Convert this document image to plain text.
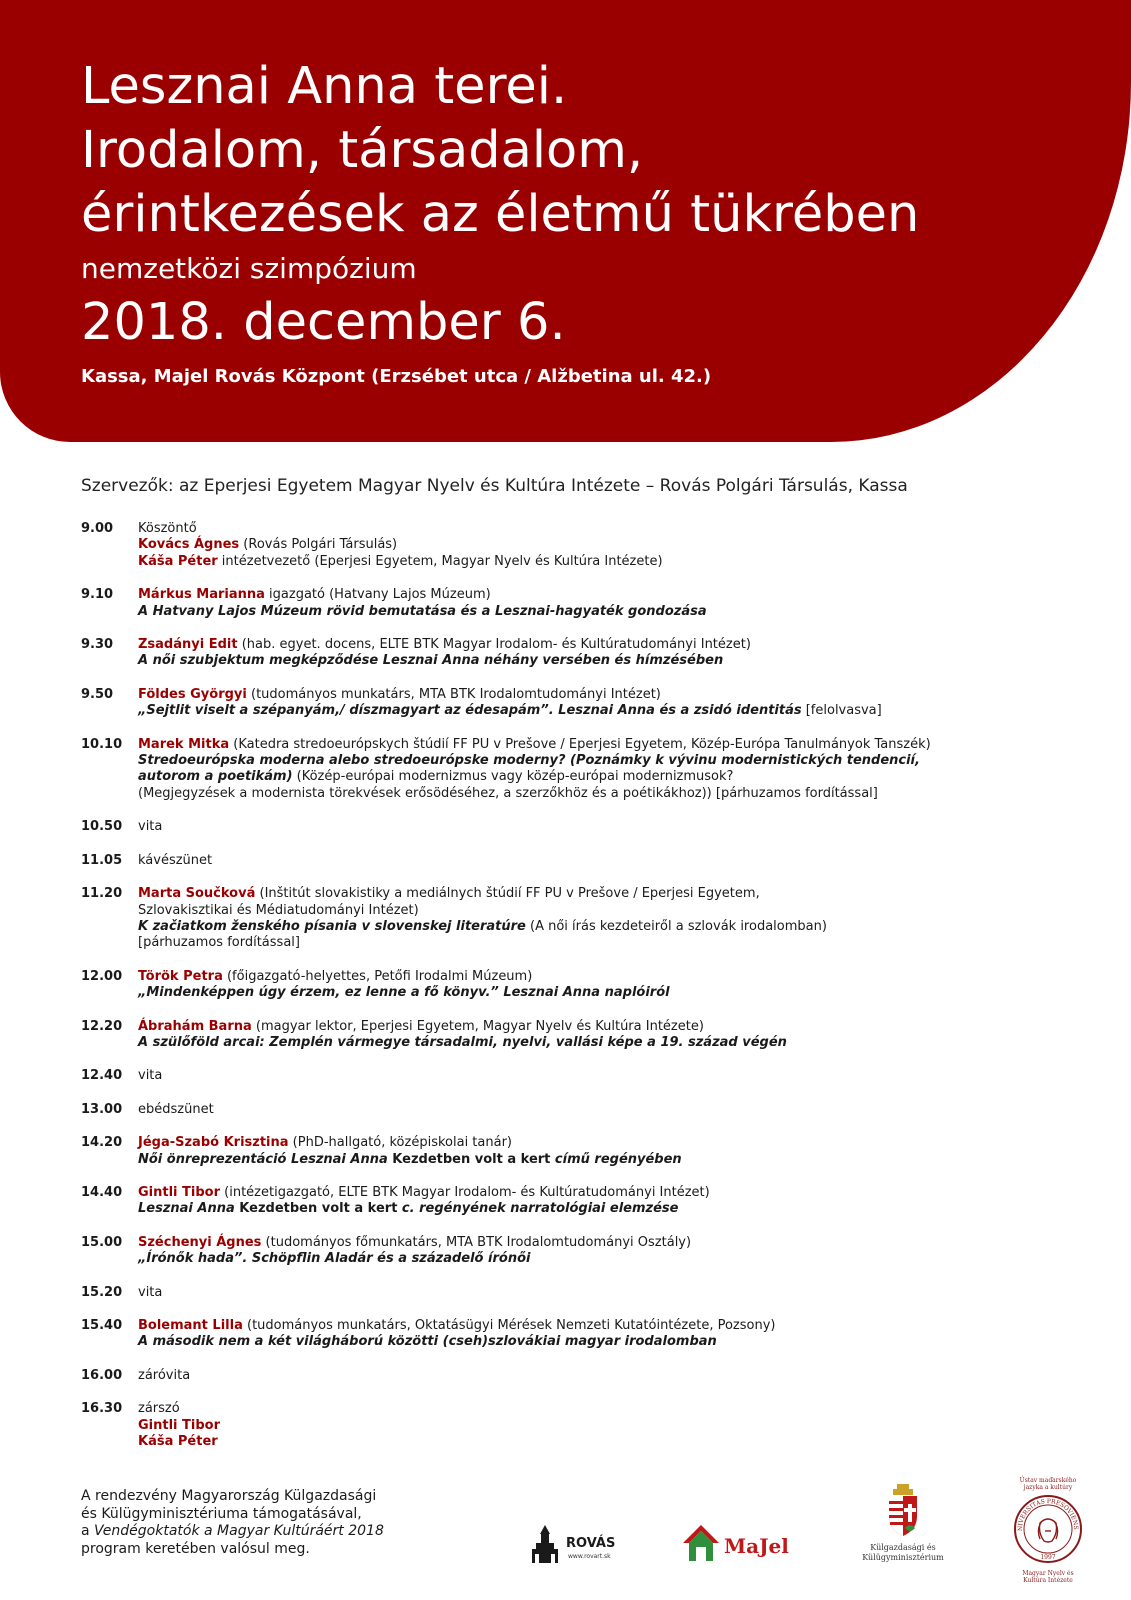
Lesznai Anna terei.
Irodalom, társadalom,
érintkezések az életmű tükrében
nemzetközi szimpózium
2018. december 6.
Kassa, Majel Rovás Központ (Erzsébet utca / Alžbetina ul. 42.)
Szervezők: az Eperjesi Egyetem Magyar Nyelv és Kultúra Intézete – Rovás Polgári Társulás, Kassa
9.00	Köszöntő
Kovács Ágnes (Rovás Polgári Társulás)
Káša Péter intézetvezető (Eperjesi Egyetem, Magyar Nyelv és Kultúra Intézete)
9.10	Márkus Marianna igazgató (Hatvany Lajos Múzeum)
A Hatvany Lajos Múzeum rövid bemutatása és a Lesznai-hagyaték gondozása
9.30	Zsadányi Edit (hab. egyet. docens, ELTE BTK Magyar Irodalom- és Kultúratudományi Intézet)
A női szubjektum megképződése Lesznai Anna néhány versében és hímzésében
9.50	Földes Györgyi (tudományos munkatárs, MTA BTK Irodalomtudományi Intézet)
„Sejtlit viselt a szépanyám,/ díszmagyart az édesapám”. Lesznai Anna és a zsidó identitás [felolvasva]
10.10	Marek Mitka (Katedra stredoeurópskych štúdií FF PU v Prešove / Eperjesi Egyetem, Közép-Európa Tanulmányok Tanszék)
Stredoeurópska moderna alebo stredoeurópske moderny? (Poznámky k vývinu modernistických tendencií,
autorom a poetikám) (Közép-európai modernizmus vagy közép-európai modernizmusok?
(Megjegyzések a modernista törekvések erősödéséhez, a szerzőkhöz és a poétikákhoz)) [párhuzamos fordítással]
10.50	vita
11.05	kávészünet
11.20	Marta Součková (Inštitút slovakistiky a mediálnych štúdií FF PU v Prešove / Eperjesi Egyetem,
Szlovakisztikai és Médiatudományi Intézet)
K začiatkom ženského písania v slovenskej literatúre (A női írás kezdeteiről a szlovák irodalomban)
[párhuzamos fordítással]
12.00	Török Petra (főigazgató-helyettes, Petőfi Irodalmi Múzeum)
„Mindenképpen úgy érzem, ez lenne a fő könyv.” Lesznai Anna naplóiról
12.20	Ábrahám Barna (magyar lektor, Eperjesi Egyetem, Magyar Nyelv és Kultúra Intézete)
A szülőföld arcai: Zemplén vármegye társadalmi, nyelvi, vallási képe a 19. század végén
12.40	vita
13.00	ebédszünet
14.20	Jéga-Szabó Krisztina (PhD-hallgató, középiskolai tanár)
Női önreprezentáció Lesznai Anna Kezdetben volt a kert című regényében
14.40	Gintli Tibor (intézetigazgató, ELTE BTK Magyar Irodalom- és Kultúratudományi Intézet)
Lesznai Anna Kezdetben volt a kert c. regényének narratológiai elemzése
15.00	Széchenyi Ágnes (tudományos főmunkatárs, MTA BTK Irodalomtudományi Osztály)
„Írónők hada”. Schöpflin Aladár és a századelő írónői
15.20	vita
15.40	Bolemant Lilla (tudományos munkatárs, Oktatásügyi Mérések Nemzeti Kutatóintézete, Pozsony)
A második nem a két világháború közötti (cseh)szlovákiai magyar irodalomban
16.00	záróvita
16.30	zárszó
Gintli Tibor
Káša Péter
A rendezvény Magyarország Külgazdasági
és Külügyminisztériuma támogatásával,
a Vendégoktatók a Magyar Kultúráért 2018
program keretében valósul meg.	ROVÁS
www.rovart.sk	MaJel	Külgazdasági és
Külügyminisztérium
Ústav maďarského
jazyka a kultúry
NIVERSITAS PRESOVIENS
1997
Magyar Nyelv és
Kultúra Intézete
